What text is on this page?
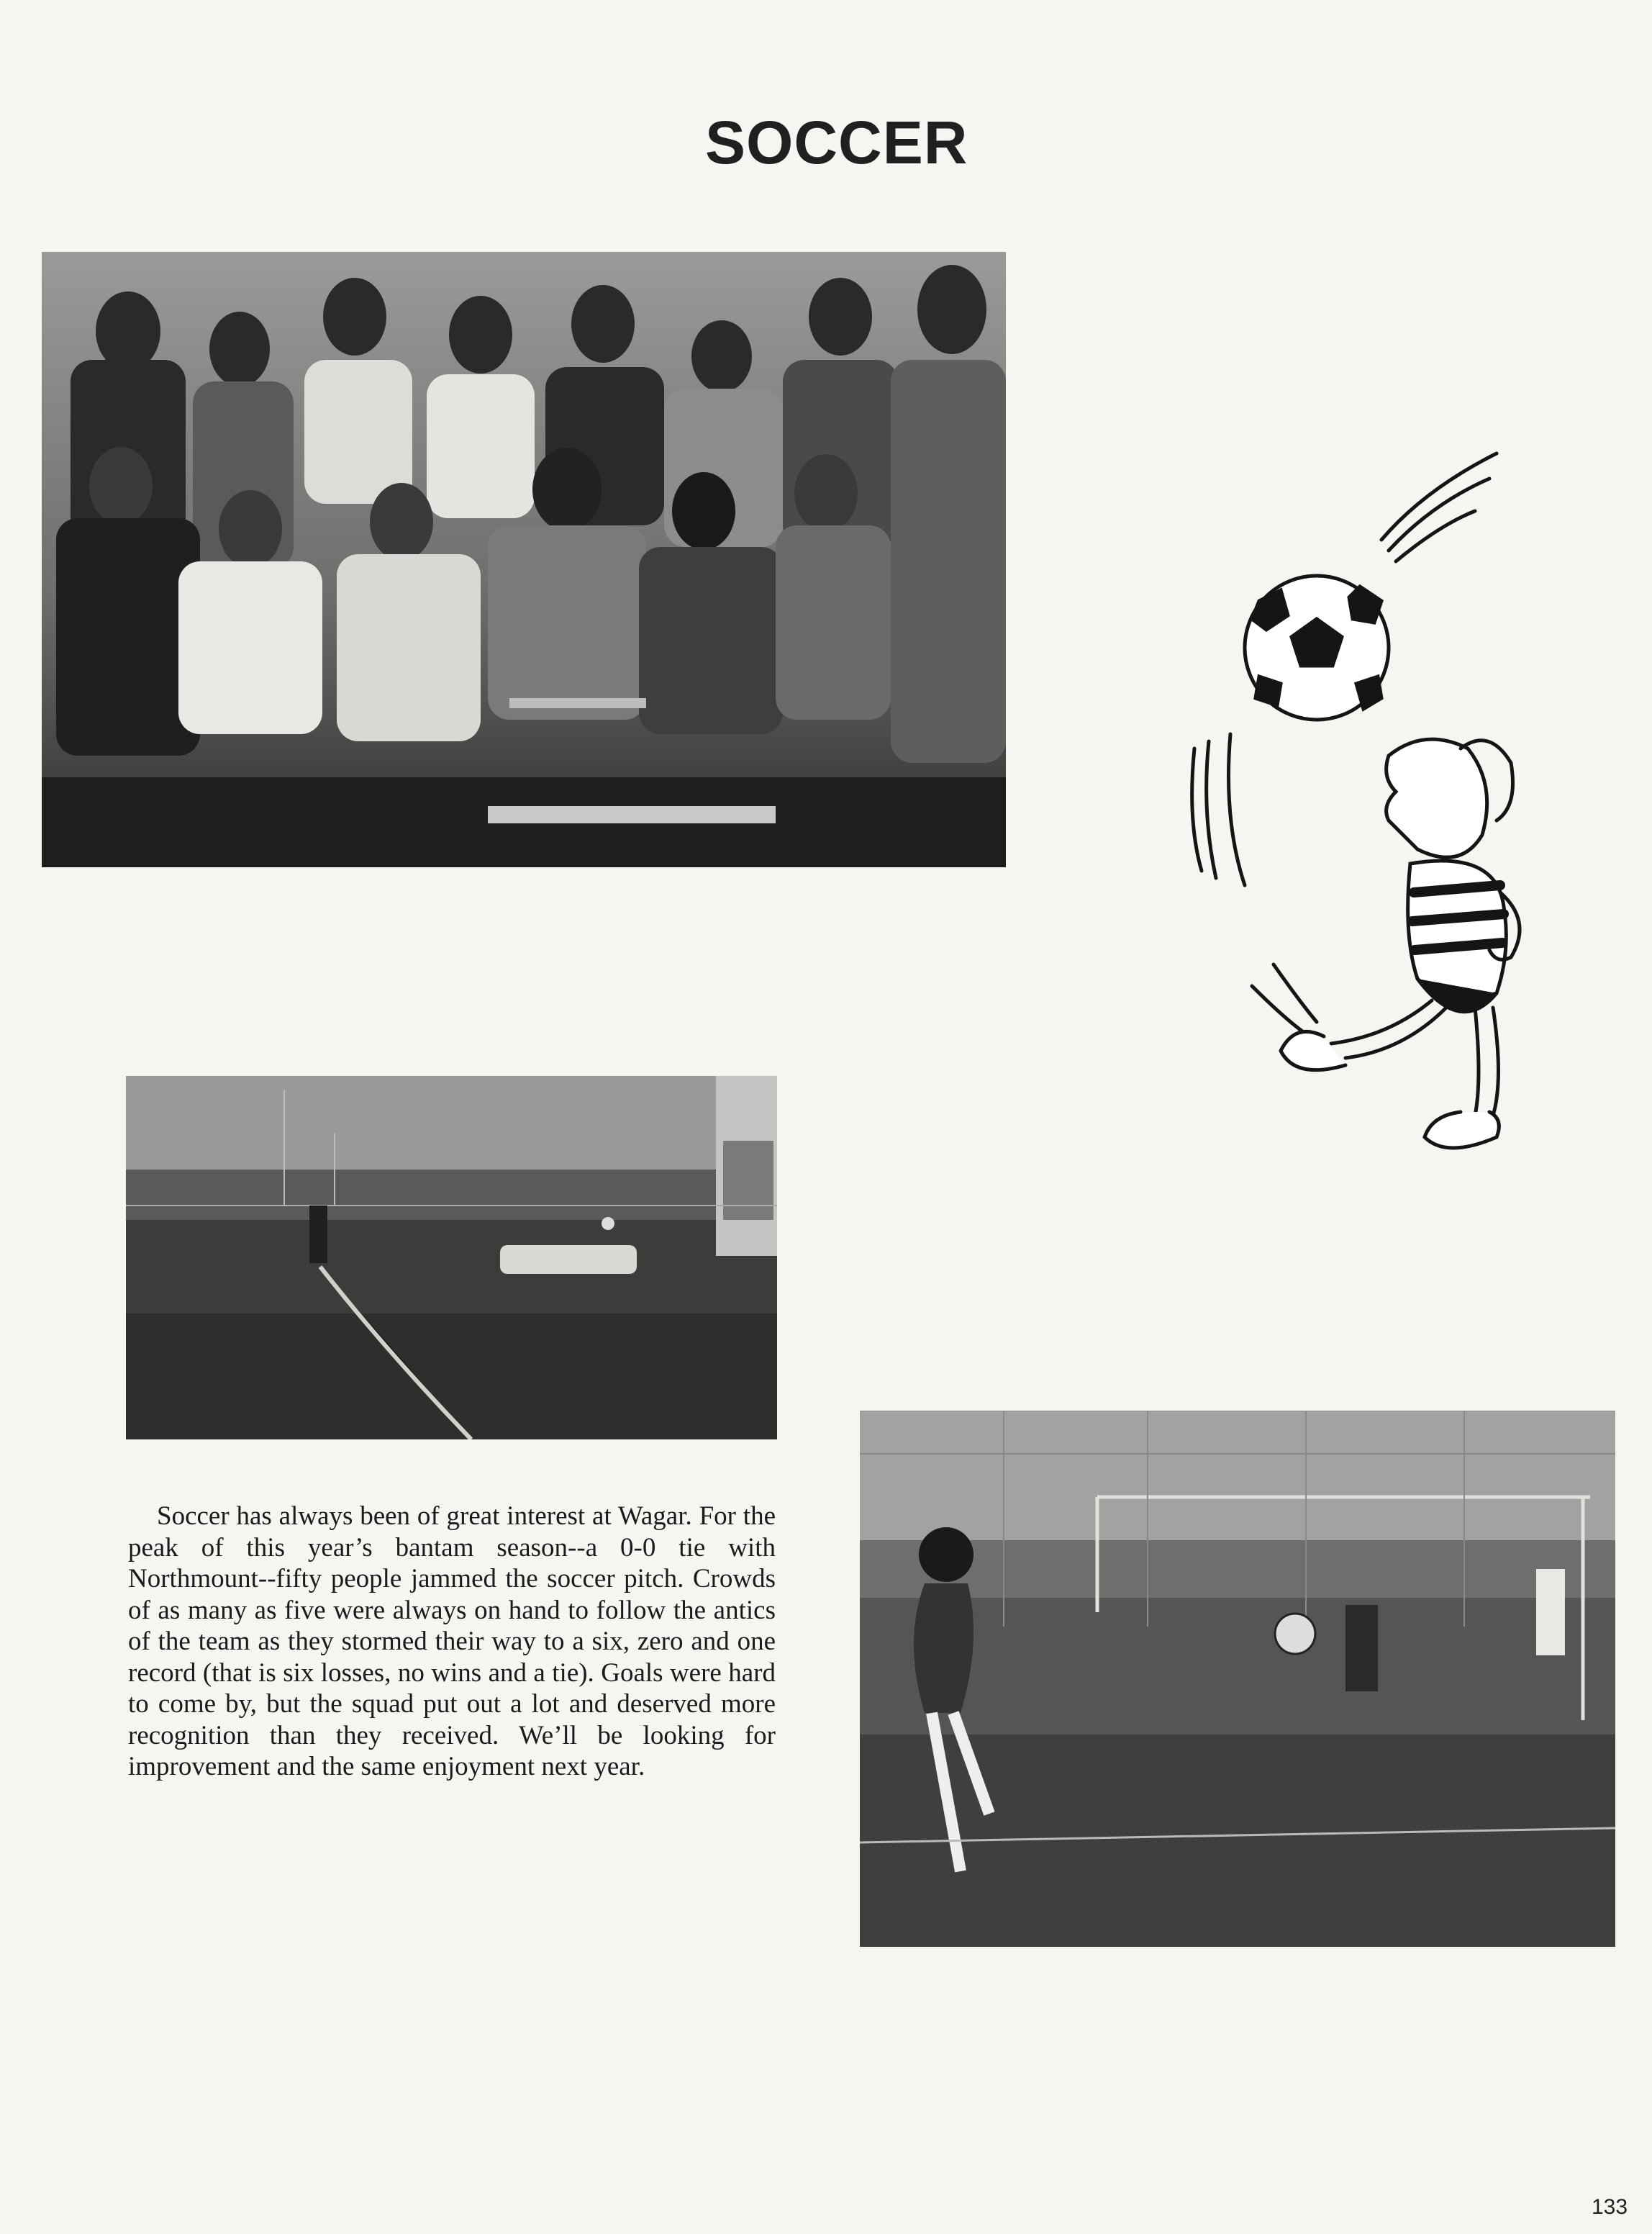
SOCCER

Soccer has always been of great interest at Wagar. For the peak of this year’s bantam season--a 0-0 tie with Northmount--fifty people jammed the soccer pitch. Crowds of as many as five were always on hand to follow the antics of the team as they stormed their way to a six, zero and one record (that is six losses, no wins and a tie). Goals were hard to come by, but the squad put out a lot and deserved more recognition than they received. We’ll be looking for improvement and the same enjoyment next year.

133
